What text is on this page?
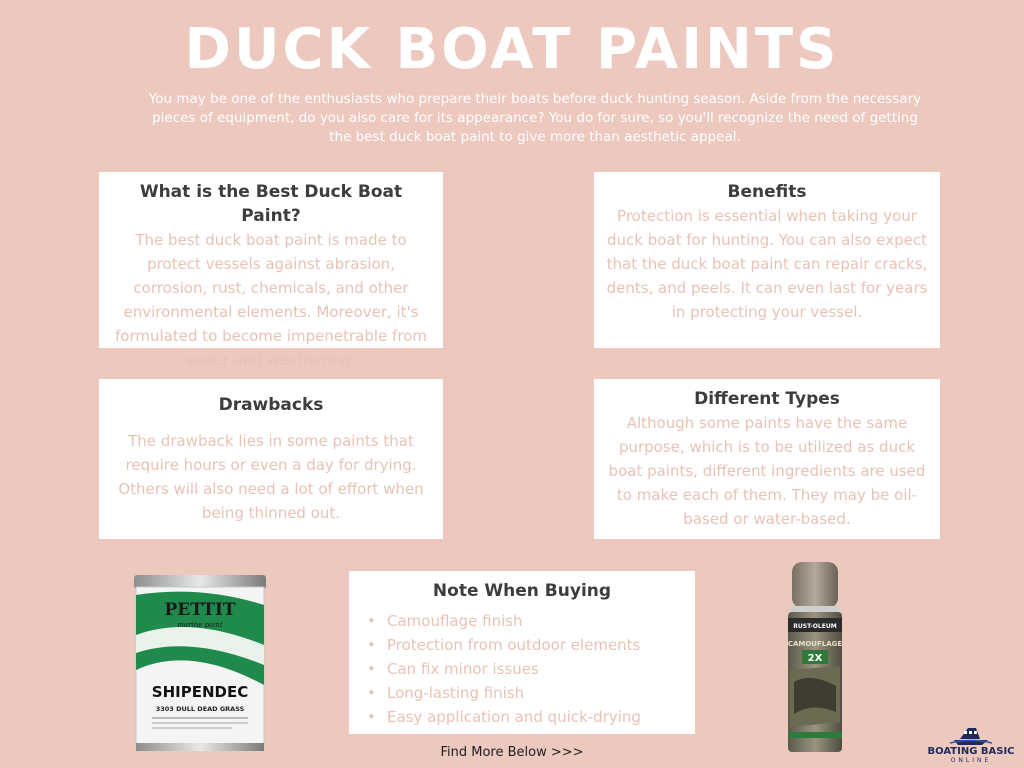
DUCK BOAT PAINTS

You may be one of the enthusiasts who prepare their boats before duck hunting season. Aside from the necessary pieces of equipment, do you also care for its appearance? You do for sure, so you'll recognize the need of getting the best duck boat paint to give more than aesthetic appeal.

What is the Best Duck Boat Paint?

The best duck boat paint is made to protect vessels against abrasion, corrosion, rust, chemicals, and other environmental elements. Moreover, it's formulated to become impenetrable from water and weathering.

Benefits

Protection is essential when taking your duck boat for hunting. You can also expect that the duck boat paint can repair cracks, dents, and peels. It can even last for years in protecting your vessel.

Drawbacks

The drawback lies in some paints that require hours or even a day for drying. Others will also need a lot of effort when being thinned out.

Different Types

Although some paints have the same purpose, which is to be utilized as duck boat paints, different ingredients are used to make each of them. They may be oil-based or water-based.

Note When Buying
• Camouflage finish
• Protection from outdoor elements
• Can fix minor issues
• Long-lasting finish
• Easy application and quick-drying
PETTIT
marine paint
SHIPENDEC
3303 DULL DEAD GRASS
RUST-OLEUM
CAMOUFLAGE
2X
Find More Below >>>	BOATING BASIC
ONLINE
